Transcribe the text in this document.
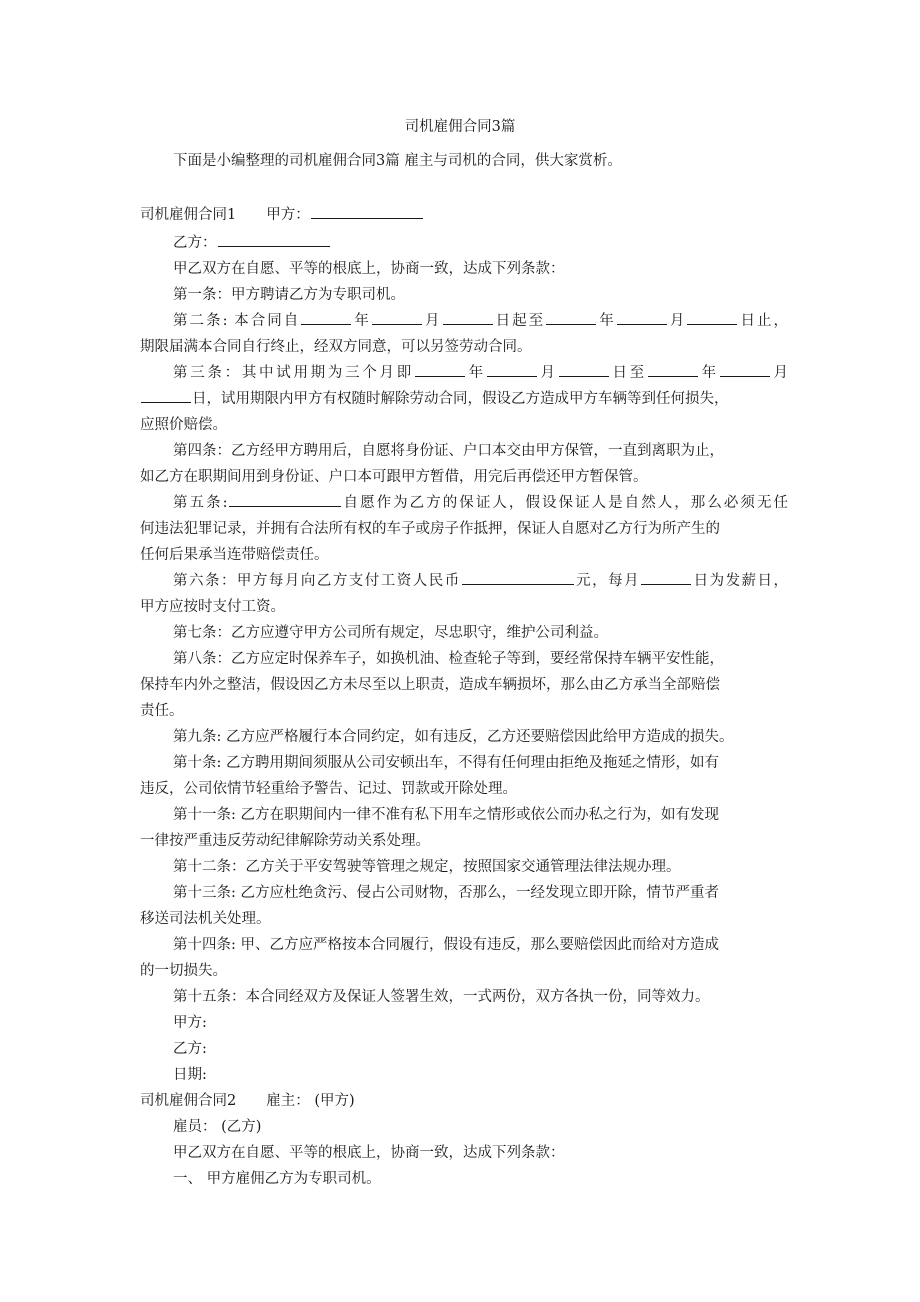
司机雇佣合同3篇
下面是小编整理的司机雇佣合同3篇 雇主与司机的合同，供大家赏析。
司机雇佣合同1 甲方：
乙方：
甲乙双方在自愿、平等的根底上，协商一致，达成下列条款：
第一条：甲方聘请乙方为专职司机。
第二条: 本合同自	年	月	日起至	年	月	日止，
期限届满本合同自行终止，经双方同意，可以另签劳动合同。
第三条：其中试用期为三个月即	年	月	日至	年	月
日，试用期限内甲方有权随时解除劳动合同，假设乙方造成甲方车辆等到任何损失，
应照价赔偿。
第四条：乙方经甲方聘用后，自愿将身份证、户口本交由甲方保管，一直到离职为止，
如乙方在职期间用到身份证、户口本可跟甲方暂借，用完后再偿还甲方暂保管。
第五条:	自愿作为乙方的保证人，假设保证人是自然人，那么必须无任
何违法犯罪记录，并拥有合法所有权的车子或房子作抵押，保证人自愿对乙方行为所产生的
任何后果承当连带赔偿责任。
第六条：甲方每月向乙方支付工资人民币	元，每月	日为发薪日，
甲方应按时支付工资。
第七条：乙方应遵守甲方公司所有规定，尽忠职守，维护公司利益。
第八条：乙方应定时保养车子，如换机油、检查轮子等到，要经常保持车辆平安性能，
保持车内外之整洁，假设因乙方未尽至以上职责，造成车辆损坏，那么由乙方承当全部赔偿
责任。
第九条: 乙方应严格履行本合同约定，如有违反，乙方还要赔偿因此给甲方造成的损失。
第十条: 乙方聘用期间须服从公司安顿出车，不得有任何理由拒绝及拖延之情形，如有
违反，公司依情节轻重给予警告、记过、罚款或开除处理。
第十一条: 乙方在职期间内一律不准有私下用车之情形或依公而办私之行为，如有发现
一律按严重违反劳动纪律解除劳动关系处理。
第十二条：乙方关于平安驾驶等管理之规定，按照国家交通管理法律法规办理。
第十三条: 乙方应杜绝贪污、侵占公司财物，否那么，一经发现立即开除，情节严重者
移送司法机关处理。
第十四条: 甲、乙方应严格按本合同履行，假设有违反，那么要赔偿因此而给对方造成
的一切损失。
第十五条：本合同经双方及保证人签署生效，一式两份，双方各执一份，同等效力。
甲方:
乙方:
日期:
司机雇佣合同2 雇主： (甲方)
雇员： (乙方)
甲乙双方在自愿、平等的根底上，协商一致，达成下列条款：
一、 甲方雇佣乙方为专职司机。
